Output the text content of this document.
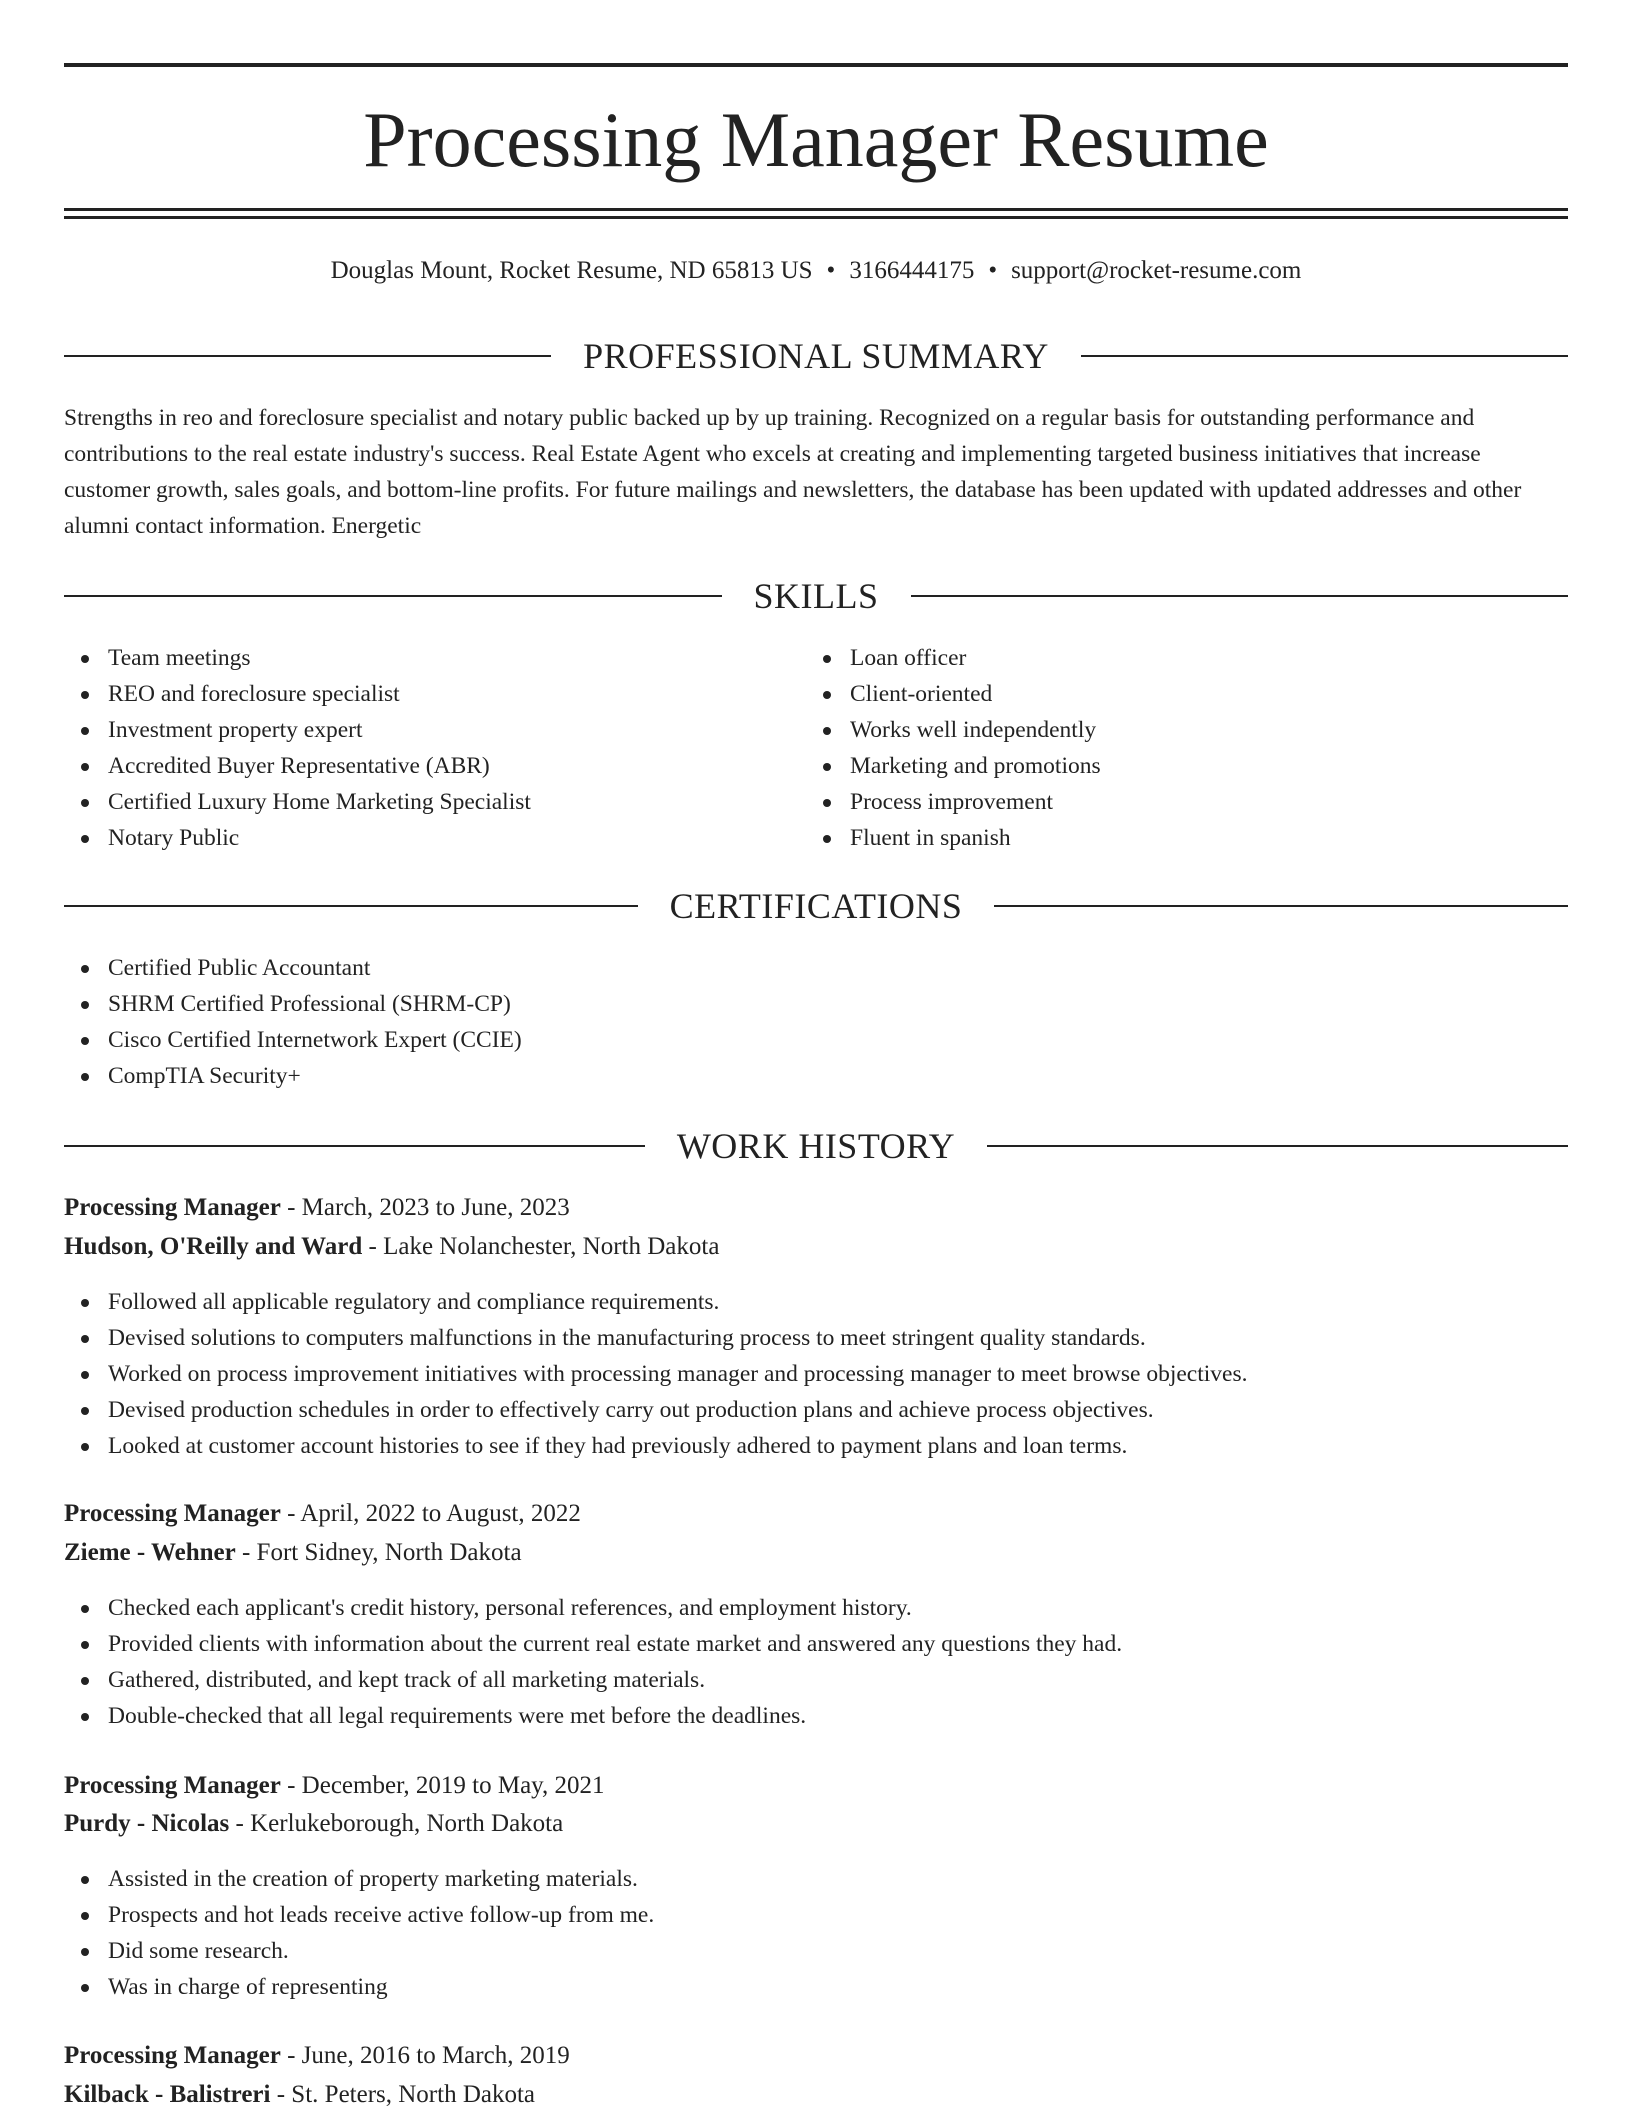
Processing Manager Resume
Douglas Mount, Rocket Resume, ND 65813 US • 3166444175 • support@rocket-resume.com
PROFESSIONAL SUMMARY

Strengths in reo and foreclosure specialist and notary public backed up by up training. Recognized on a regular basis for outstanding performance and contributions to the real estate industry's success. Real Estate Agent who excels at creating and implementing targeted business initiatives that increase customer growth, sales goals, and bottom-line profits. For future mailings and newsletters, the database has been updated with updated addresses and other alumni contact information. Energetic

SKILLS
Team meetings
REO and foreclosure specialist
Investment property expert
Accredited Buyer Representative (ABR)
Certified Luxury Home Marketing Specialist
Notary Public
Loan officer
Client-oriented
Works well independently
Marketing and promotions
Process improvement
Fluent in spanish
CERTIFICATIONS
Certified Public Accountant
SHRM Certified Professional (SHRM-CP)
Cisco Certified Internetwork Expert (CCIE)
CompTIA Security+
WORK HISTORY
Processing Manager - March, 2023 to June, 2023
Hudson, O'Reilly and Ward - Lake Nolanchester, North Dakota
Followed all applicable regulatory and compliance requirements.
Devised solutions to computers malfunctions in the manufacturing process to meet stringent quality standards.
Worked on process improvement initiatives with processing manager and processing manager to meet browse objectives.
Devised production schedules in order to effectively carry out production plans and achieve process objectives.
Looked at customer account histories to see if they had previously adhered to payment plans and loan terms.
Processing Manager - April, 2022 to August, 2022
Zieme - Wehner - Fort Sidney, North Dakota
Checked each applicant's credit history, personal references, and employment history.
Provided clients with information about the current real estate market and answered any questions they had.
Gathered, distributed, and kept track of all marketing materials.
Double-checked that all legal requirements were met before the deadlines.
Processing Manager - December, 2019 to May, 2021
Purdy - Nicolas - Kerlukeborough, North Dakota
Assisted in the creation of property marketing materials.
Prospects and hot leads receive active follow-up from me.
Did some research.
Was in charge of representing
Processing Manager - June, 2016 to March, 2019
Kilback - Balistreri - St. Peters, North Dakota
